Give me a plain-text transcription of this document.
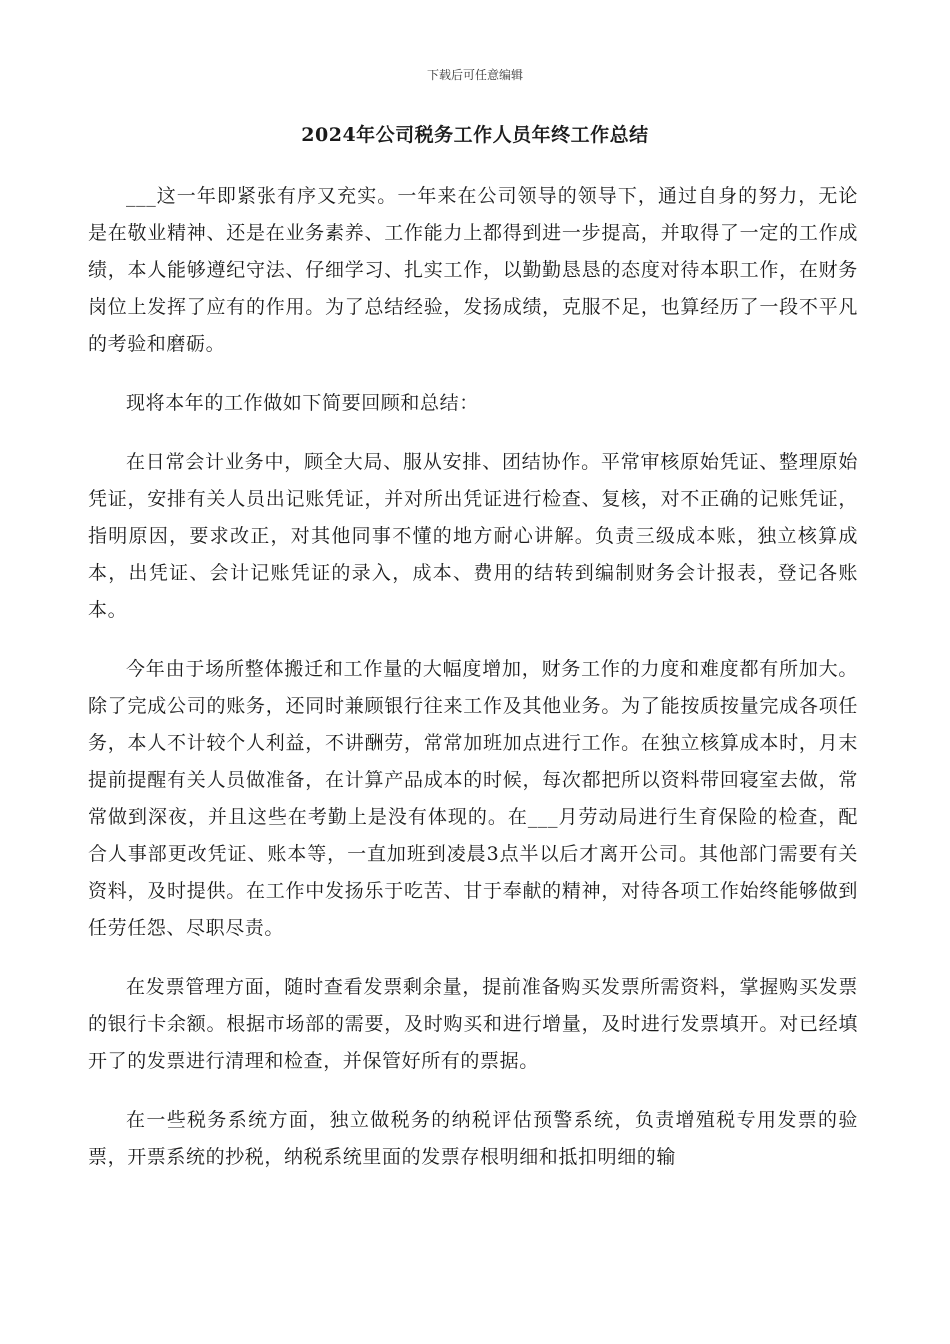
下载后可任意编辑
2024年公司税务工作人员年终工作总结

___这一年即紧张有序又充实。一年来在公司领导的领导下，通过自身的努力，无论是在敬业精神、还是在业务素养、工作能力上都得到进一步提高，并取得了一定的工作成绩，本人能够遵纪守法、仔细学习、扎实工作，以勤勤恳恳的态度对待本职工作，在财务岗位上发挥了应有的作用。为了总结经验，发扬成绩，克服不足，也算经历了一段不平凡的考验和磨砺。

现将本年的工作做如下简要回顾和总结：

在日常会计业务中，顾全大局、服从安排、团结协作。平常审核原始凭证、整理原始凭证，安排有关人员出记账凭证，并对所出凭证进行检查、复核，对不正确的记账凭证，指明原因，要求改正，对其他同事不懂的地方耐心讲解。负责三级成本账，独立核算成本，出凭证、会计记账凭证的录入，成本、费用的结转到编制财务会计报表，登记各账本。

今年由于场所整体搬迁和工作量的大幅度增加，财务工作的力度和难度都有所加大。除了完成公司的账务，还同时兼顾银行往来工作及其他业务。为了能按质按量完成各项任务，本人不计较个人利益，不讲酬劳，常常加班加点进行工作。在独立核算成本时，月末提前提醒有关人员做准备，在计算产品成本的时候，每次都把所以资料带回寝室去做，常常做到深夜，并且这些在考勤上是没有体现的。在___月劳动局进行生育保险的检查，配合人事部更改凭证、账本等，一直加班到凌晨3点半以后才离开公司。其他部门需要有关资料，及时提供。在工作中发扬乐于吃苦、甘于奉献的精神，对待各项工作始终能够做到任劳任怨、尽职尽责。

在发票管理方面，随时查看发票剩余量，提前准备购买发票所需资料，掌握购买发票的银行卡余额。根据市场部的需要，及时购买和进行增量，及时进行发票填开。对已经填开了的发票进行清理和检查，并保管好所有的票据。

在一些税务系统方面，独立做税务的纳税评估预警系统，负责增殖税专用发票的验票，开票系统的抄税，纳税系统里面的发票存根明细和抵扣明细的输
